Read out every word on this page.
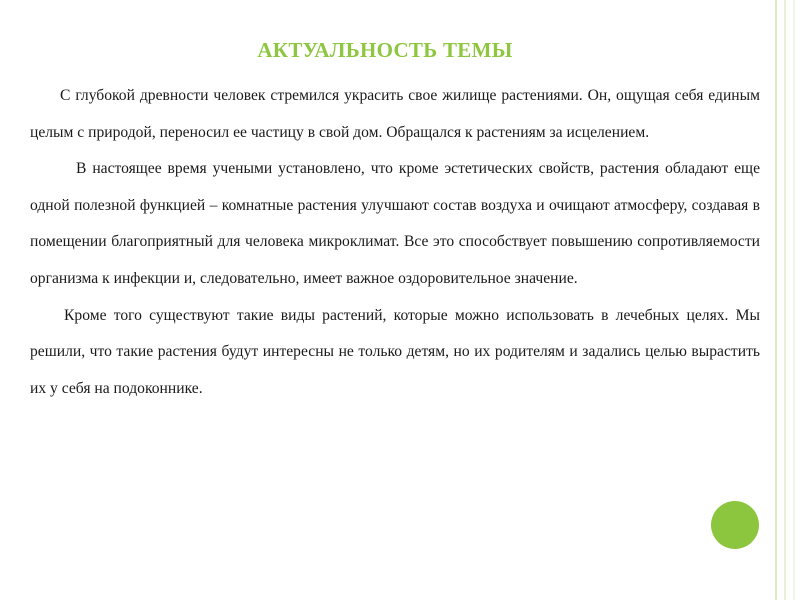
АКТУАЛЬНОСТЬ ТЕМЫ

С глубокой древности человек стремился украсить свое жилище растениями. Он, ощущая себя единым целым с природой, переносил ее частицу в свой дом. Обращался к растениям за исцелением.

В настоящее время учеными установлено, что кроме эстетических свойств, растения обладают еще одной полезной функцией – комнатные растения улучшают состав воздуха и очищают атмосферу, создавая в помещении благоприятный для человека микроклимат. Все это способствует повышению сопротивляемости организма к инфекции и, следовательно, имеет важное оздоровительное значение.

Кроме того существуют такие виды растений, которые можно использовать в лечебных целях. Мы решили, что такие растения будут интересны не только детям, но их родителям и задались целью вырастить их у себя на подоконнике.
